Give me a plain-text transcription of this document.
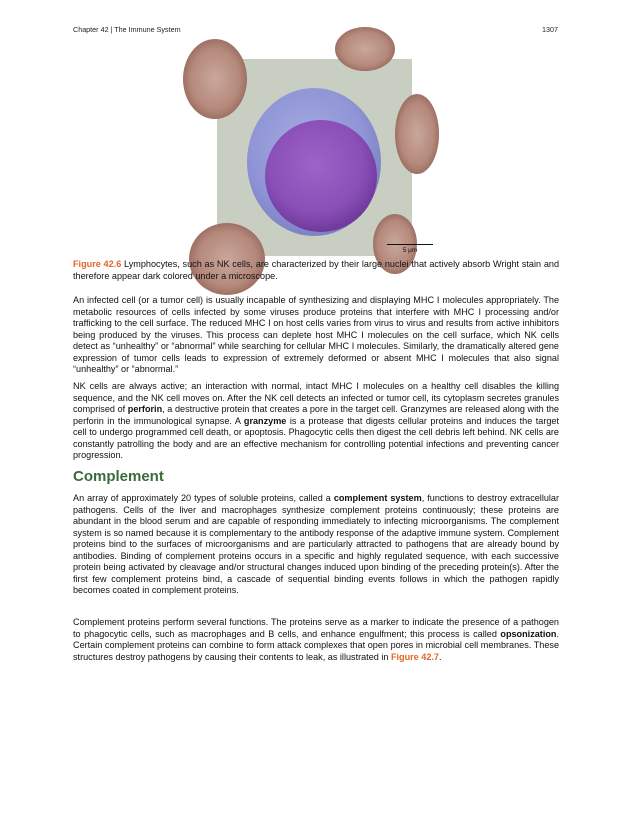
Chapter 42 | The Immune System	1307
5 μm
Figure 42.6 Lymphocytes, such as NK cells, are characterized by their large nuclei that actively absorb Wright stain and therefore appear dark colored under a microscope.

An infected cell (or a tumor cell) is usually incapable of synthesizing and displaying MHC I molecules appropriately. The metabolic resources of cells infected by some viruses produce proteins that interfere with MHC I processing and/or trafficking to the cell surface. The reduced MHC I on host cells varies from virus to virus and results from active inhibitors being produced by the viruses. This process can deplete host MHC I molecules on the cell surface, which NK cells detect as “unhealthy” or “abnormal” while searching for cellular MHC I molecules. Similarly, the dramatically altered gene expression of tumor cells leads to expression of extremely deformed or absent MHC I molecules that also signal “unhealthy” or “abnormal.”

NK cells are always active; an interaction with normal, intact MHC I molecules on a healthy cell disables the killing sequence, and the NK cell moves on. After the NK cell detects an infected or tumor cell, its cytoplasm secretes granules comprised of perforin, a destructive protein that creates a pore in the target cell. Granzymes are released along with the perforin in the immunological synapse. A granzyme is a protease that digests cellular proteins and induces the target cell to undergo programmed cell death, or apoptosis. Phagocytic cells then digest the cell debris left behind. NK cells are constantly patrolling the body and are an effective mechanism for controlling potential infections and preventing cancer progression.

Complement

An array of approximately 20 types of soluble proteins, called a complement system, functions to destroy extracellular pathogens. Cells of the liver and macrophages synthesize complement proteins continuously; these proteins are abundant in the blood serum and are capable of responding immediately to infecting microorganisms. The complement system is so named because it is complementary to the antibody response of the adaptive immune system. Complement proteins bind to the surfaces of microorganisms and are particularly attracted to pathogens that are already bound by antibodies. Binding of complement proteins occurs in a specific and highly regulated sequence, with each successive protein being activated by cleavage and/or structural changes induced upon binding of the preceding protein(s). After the first few complement proteins bind, a cascade of sequential binding events follows in which the pathogen rapidly becomes coated in complement proteins.

Complement proteins perform several functions. The proteins serve as a marker to indicate the presence of a pathogen to phagocytic cells, such as macrophages and B cells, and enhance engulfment; this process is called opsonization. Certain complement proteins can combine to form attack complexes that open pores in microbial cell membranes. These structures destroy pathogens by causing their contents to leak, as illustrated in Figure 42.7.
